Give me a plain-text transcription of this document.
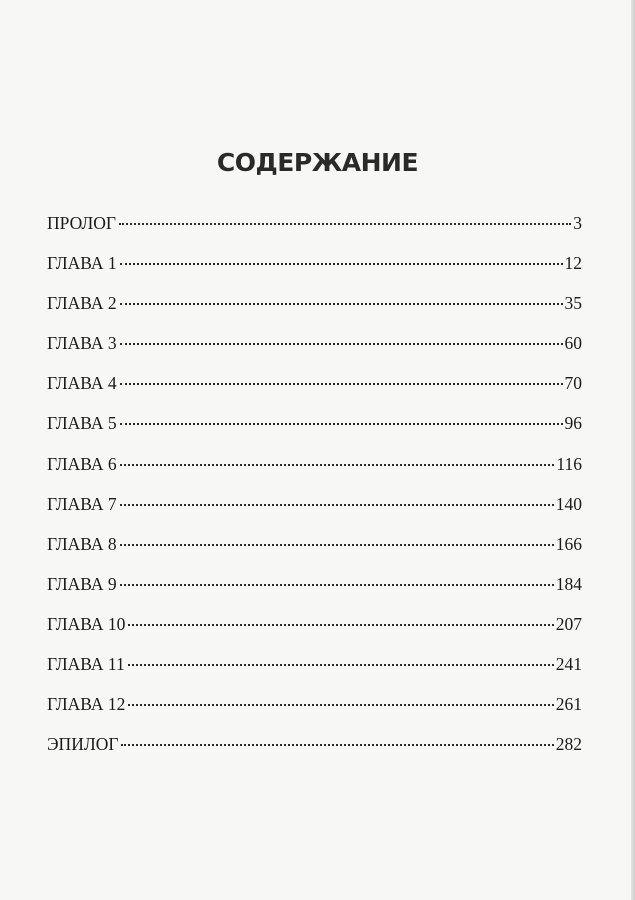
СОДЕРЖАНИЕ
ПРОЛОГ	3
ГЛАВА 1	12
ГЛАВА 2	35
ГЛАВА 3	60
ГЛАВА 4	70
ГЛАВА 5	96
ГЛАВА 6	116
ГЛАВА 7	140
ГЛАВА 8	166
ГЛАВА 9	184
ГЛАВА 10	207
ГЛАВА 11	241
ГЛАВА 12	261
ЭПИЛОГ	282
